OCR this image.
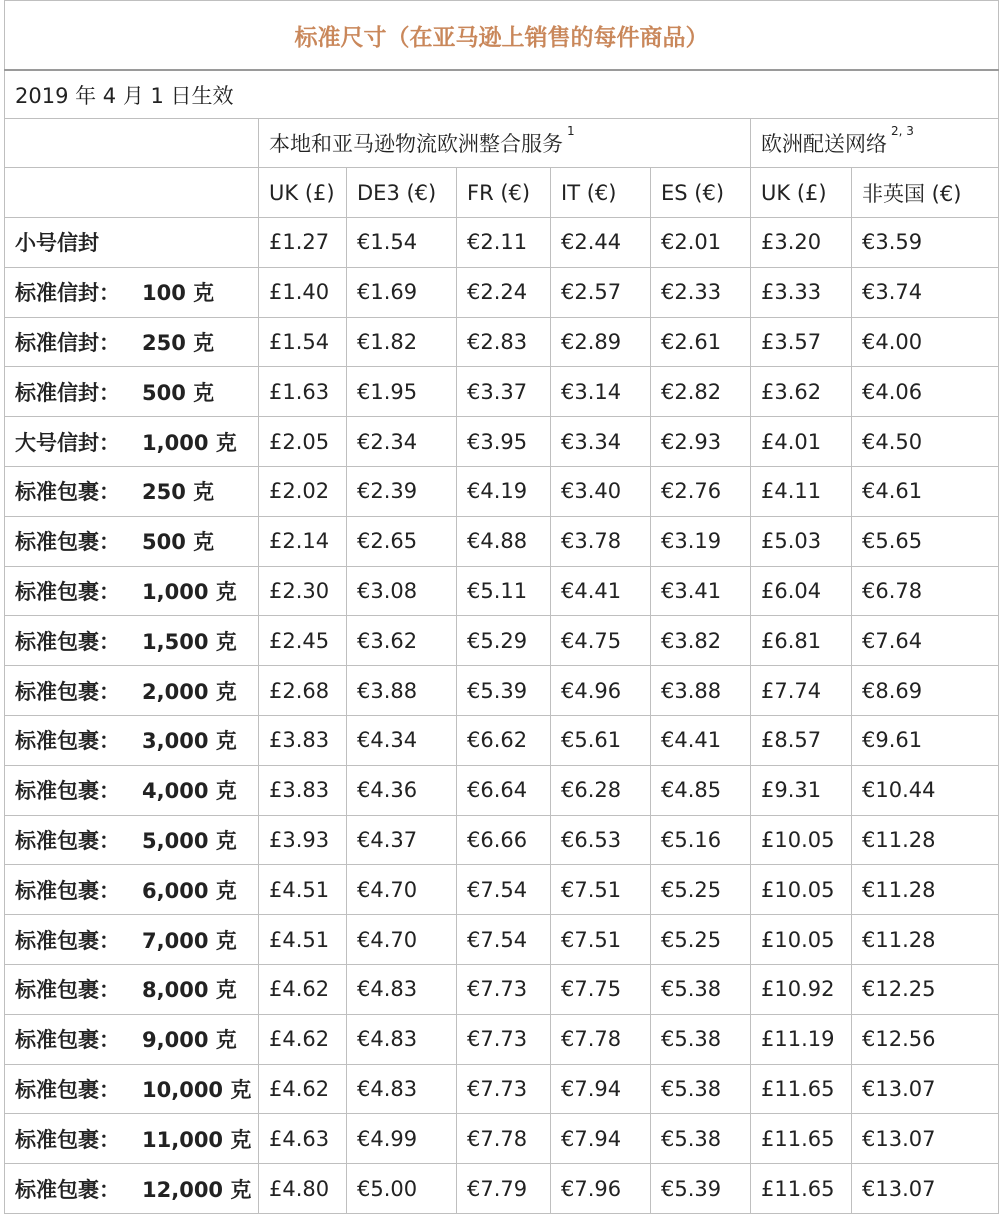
标准尺寸（在亚马逊上销售的每件商品）							
2019 年 4 月 1 日生效							
	本地和亚马逊物流欧洲整合服务$^1$					欧洲配送网络$^{2, 3}$
	UK (£)	DE3 (€)	FR (€)	IT (€)	ES (€)	UK (£)	非英国 (€)
小号信封	£1.27	€1.54	€2.11	€2.44	€2.01	£3.20	€3.59
标准信封： 100 克	£1.40	€1.69	€2.24	€2.57	€2.33	£3.33	€3.74
标准信封： 250 克	£1.54	€1.82	€2.83	€2.89	€2.61	£3.57	€4.00
标准信封： 500 克	£1.63	€1.95	€3.37	€3.14	€2.82	£3.62	€4.06
大号信封： 1,000 克	£2.05	€2.34	€3.95	€3.34	€2.93	£4.01	€4.50
标准包裹： 250 克	£2.02	€2.39	€4.19	€3.40	€2.76	£4.11	€4.61
标准包裹： 500 克	£2.14	€2.65	€4.88	€3.78	€3.19	£5.03	€5.65
标准包裹： 1,000 克	£2.30	€3.08	€5.11	€4.41	€3.41	£6.04	€6.78
标准包裹： 1,500 克	£2.45	€3.62	€5.29	€4.75	€3.82	£6.81	€7.64
标准包裹： 2,000 克	£2.68	€3.88	€5.39	€4.96	€3.88	£7.74	€8.69
标准包裹： 3,000 克	£3.83	€4.34	€6.62	€5.61	€4.41	£8.57	€9.61
标准包裹： 4,000 克	£3.83	€4.36	€6.64	€6.28	€4.85	£9.31	€10.44
标准包裹： 5,000 克	£3.93	€4.37	€6.66	€6.53	€5.16	£10.05	€11.28
标准包裹： 6,000 克	£4.51	€4.70	€7.54	€7.51	€5.25	£10.05	€11.28
标准包裹： 7,000 克	£4.51	€4.70	€7.54	€7.51	€5.25	£10.05	€11.28
标准包裹： 8,000 克	£4.62	€4.83	€7.73	€7.75	€5.38	£10.92	€12.25
标准包裹： 9,000 克	£4.62	€4.83	€7.73	€7.78	€5.38	£11.19	€12.56
标准包裹： 10,000 克	£4.62	€4.83	€7.73	€7.94	€5.38	£11.65	€13.07
标准包裹： 11,000 克	£4.63	€4.99	€7.78	€7.94	€5.38	£11.65	€13.07
标准包裹： 12,000 克	£4.80	€5.00	€7.79	€7.96	€5.39	£11.65	€13.07
